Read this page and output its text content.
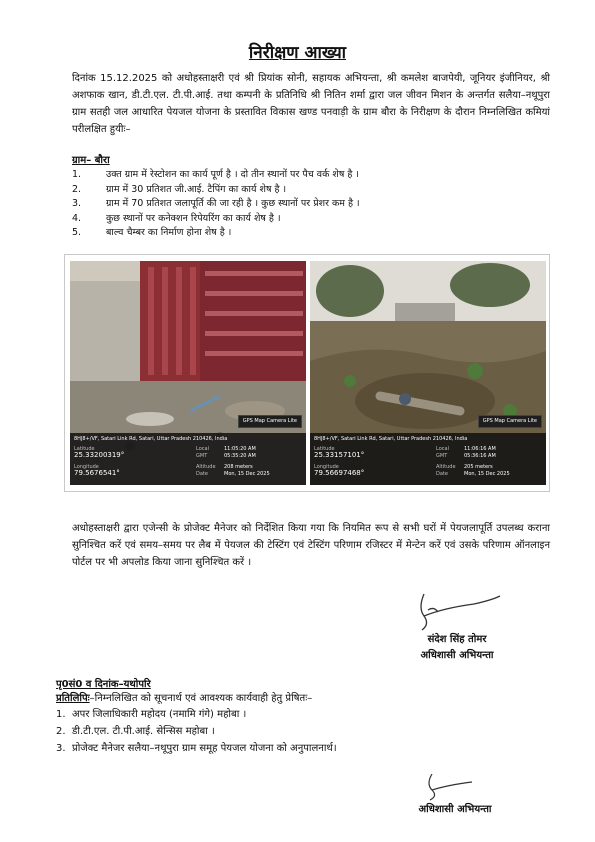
निरीक्षण आख्या
दिनांक 15.12.2025 को अधोहस्ताक्षरी एवं श्री प्रियांक सोनी, सहायक अभियन्ता, श्री कमलेश बाजपेयी, जूनियर इंजीनियर, श्री अशफाक खान, डी.टी.एल. टी.पी.आई. तथा कम्पनी के प्रतिनिधि श्री नितिन शर्मा द्वारा जल जीवन मिशन के अन्तर्गत सलैया–नथूपुरा ग्राम सतही जल आधारित पेयजल योजना के प्रस्तावित विकास खण्ड पनवाड़ी के ग्राम बौरा के निरीक्षण के दौरान निम्नलिखित कमियां परीलक्षित हुयीः–
ग्राम– बौरा
1.	उक्त ग्राम में रेस्टोशन का कार्य पूर्ण है । दो तीन स्थानों पर पैच वर्क शेष है ।
2.	ग्राम में 30 प्रतिशत जी.आई. टैपिंग का कार्य शेष है ।
3.	ग्राम में 70 प्रतिशत जलापूर्ति की जा रही है । कुछ स्थानों पर प्रेशर कम है ।
4.	कुछ स्थानों पर कनेक्शन रिपेयरिंग का कार्य शेष है ।
5.	बाल्व चैम्बर का निर्माण होना शेष है ।
GPS Map Camera Lite
8HJ8+/VF, Satari Link Rd, Satari, Uttar Pradesh 210426, India
Latitude
25.33200319°
Longitude
79.5676541°
Local	11:05:20 AM
GMT	05:35:20 AM
Altitude 208 meters
Date	Mon, 15 Dec 2025
GPS Map Camera Lite
8HJ8+/VF, Satari Link Rd, Satari, Uttar Pradesh 210426, India
Latitude
25.33157101°
Longitude
79.56697468°
Local	11:06:16 AM
GMT	05:36:16 AM
Altitude 205 meters
Date	Mon, 15 Dec 2025
अधोहस्ताक्षरी द्वारा एजेन्सी के प्रोजेक्ट मैनेजर को निर्देशित किया गया कि नियमित रूप से सभी घरों में पेयजलापूर्ति उपलब्ध कराना सुनिश्चित करें एवं समय–समय पर लैब में पेयजल की टेस्टिंग एवं टेस्टिंग परिणाम रजिस्टर में मेन्टेन करें एवं उसके परिणाम ऑनलाइन पोर्टल पर भी अपलोड किया जाना सुनिश्चित करें ।
संदेश सिंह तोमर
अधिशासी अभियन्ता
पृ0सं0 व दिनांक–यथोपरि
प्रतिलिपिः–निम्नलिखित को सूचनार्थ एवं आवश्यक कार्यवाही हेतु प्रेषितः–
1. अपर जिलाधिकारी महोदय (नमामि गंगे) महोबा ।
2. डी.टी.एल. टी.पी.आई. सेन्सिस महोबा ।
3. प्रोजेक्ट मैनेजर सलैया–नथूपुरा ग्राम समूह पेयजल योजना को अनुपालनार्थ।
अधिशासी अभियन्ता
